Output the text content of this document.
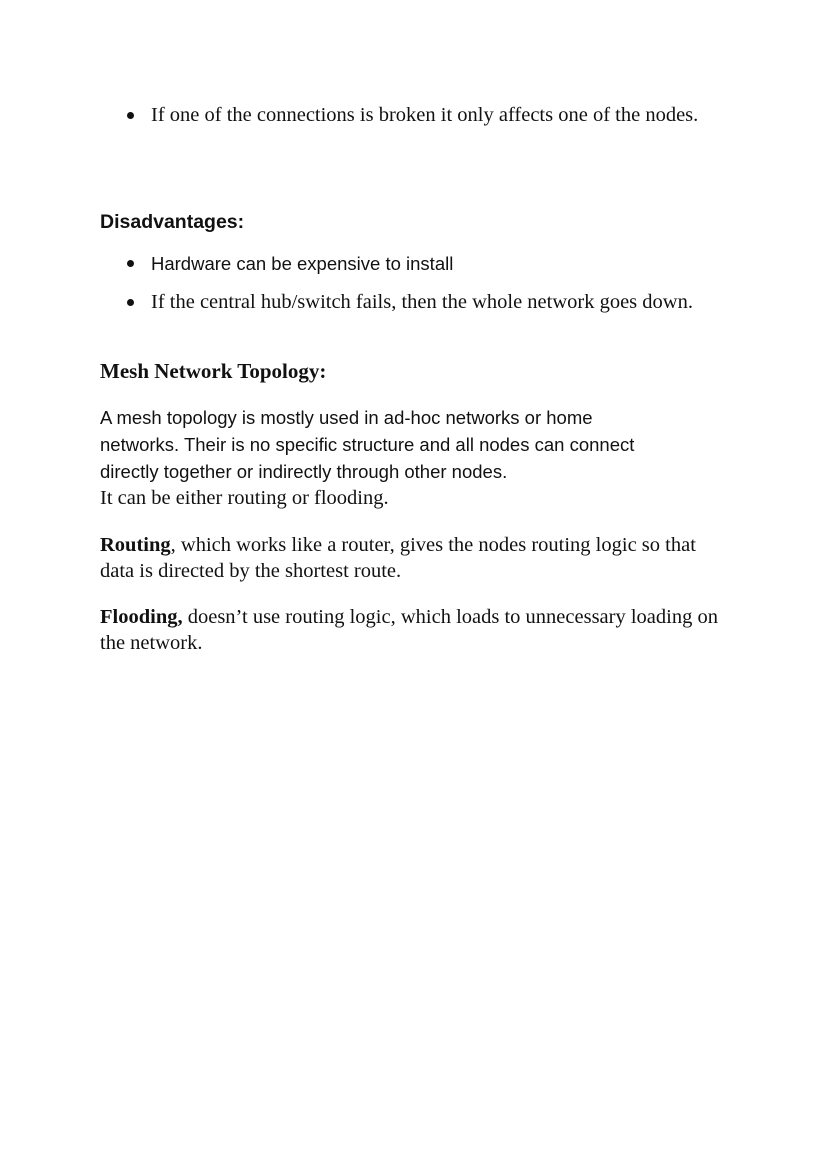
If one of the connections is broken it only affects one of the nodes.
Disadvantages:
Hardware can be expensive to install
If the central hub/switch fails, then the whole network goes down.
Mesh Network Topology:
A mesh topology is mostly used in ad-hoc networks or home
networks. Their is no specific structure and all nodes can connect
directly together or indirectly through other nodes.
It can be either routing or flooding.

Routing, which works like a router, gives the nodes routing logic so that data is directed by the shortest route.

Flooding, doesn’t use routing logic, which loads to unnecessary loading on the network.
